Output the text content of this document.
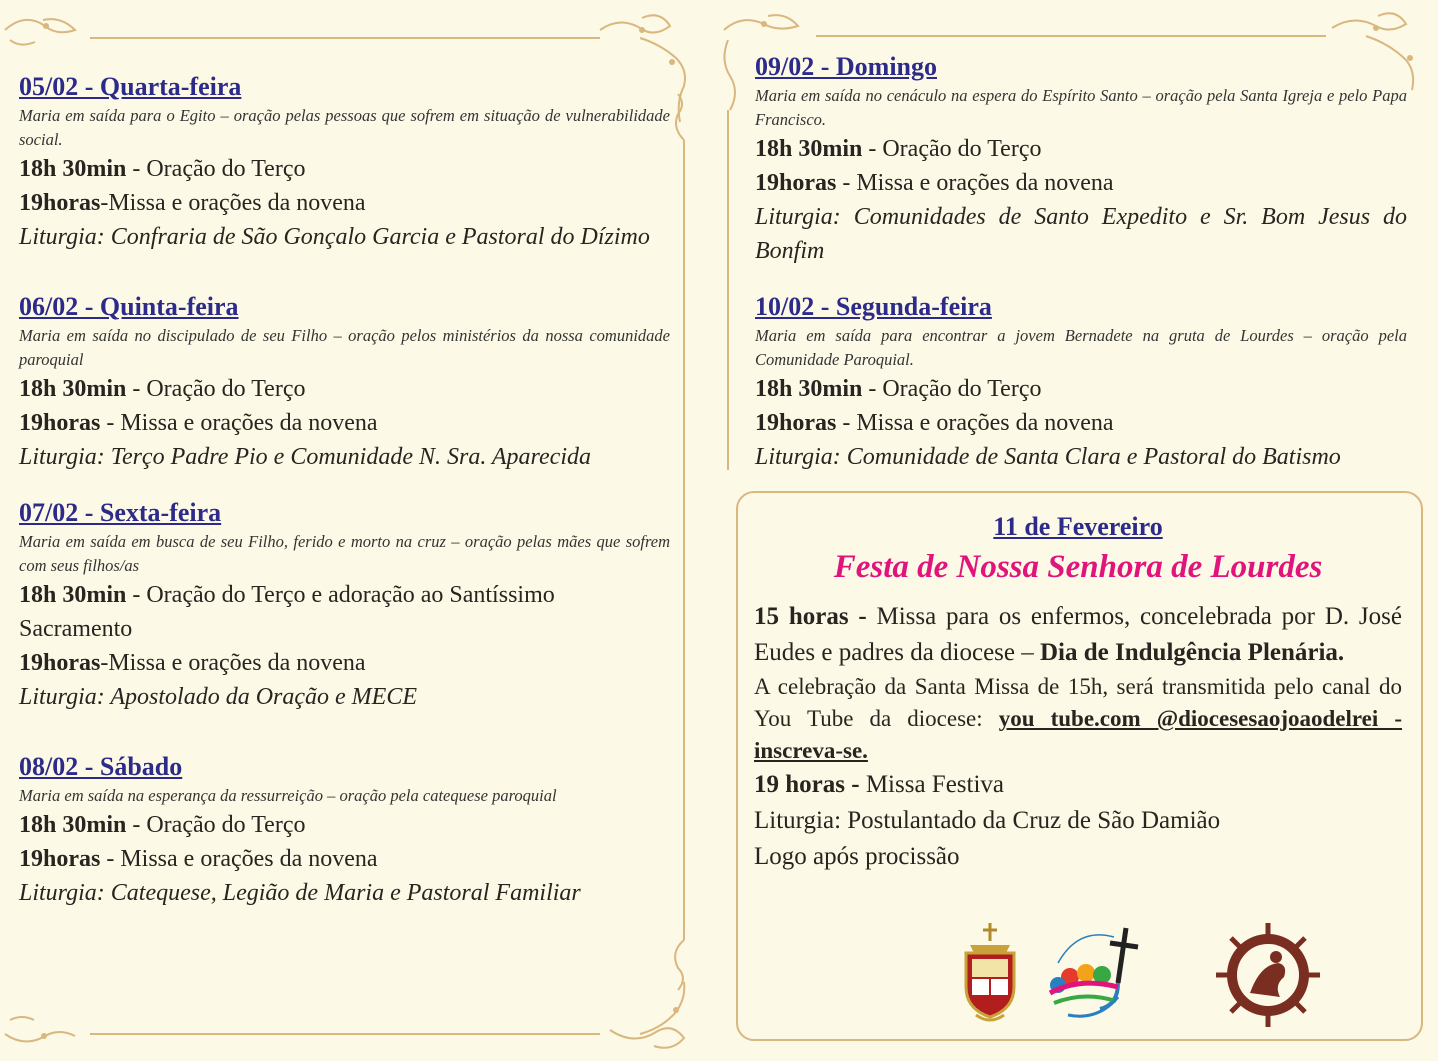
05/02 - Quarta-feira

Maria em saída para o Egito – oração pelas pessoas que sofrem em situação de vulnerabilidade social.

18h 30min - Oração do Terço

19horas-Missa e orações da novena

Liturgia: Confraria de São Gonçalo Garcia e Pastoral do Dízimo

06/02 - Quinta-feira

Maria em saída no discipulado de seu Filho – oração pelos ministérios da nossa comunidade paroquial

18h 30min - Oração do Terço

19horas - Missa e orações da novena

Liturgia: Terço Padre Pio e Comunidade N. Sra. Aparecida

07/02 - Sexta-feira

Maria em saída em busca de seu Filho, ferido e morto na cruz – oração pelas mães que sofrem com seus filhos/as

18h 30min - Oração do Terço e adoração ao Santíssimo Sacramento

19horas-Missa e orações da novena

Liturgia: Apostolado da Oração e MECE

08/02 - Sábado

Maria em saída na esperança da ressurreição – oração pela catequese paroquial

18h 30min - Oração do Terço

19horas - Missa e orações da novena

Liturgia: Catequese, Legião de Maria e Pastoral Familiar

09/02 - Domingo

Maria em saída no cenáculo na espera do Espírito Santo – oração pela Santa Igreja e pelo Papa Francisco.

18h 30min - Oração do Terço

19horas - Missa e orações da novena

Liturgia: Comunidades de Santo Expedito e Sr. Bom Jesus do Bonfim

10/02 - Segunda-feira

Maria em saída para encontrar a jovem Bernadete na gruta de Lourdes – oração pela Comunidade Paroquial.

18h 30min - Oração do Terço

19horas - Missa e orações da novena

Liturgia: Comunidade de Santa Clara e Pastoral do Batismo

11 de Fevereiro
Festa de Nossa Senhora de Lourdes

15 horas - Missa para os enfermos, concelebrada por D. José Eudes e padres da diocese – Dia de Indulgência Plenária.

A celebração da Santa Missa de 15h, será transmitida pelo canal do You Tube da diocese: you tube.com @diocesesaojoaodelrei - inscreva-se.

19 horas - Missa Festiva

Liturgia: Postulantado da Cruz de São Damião

Logo após procissão
